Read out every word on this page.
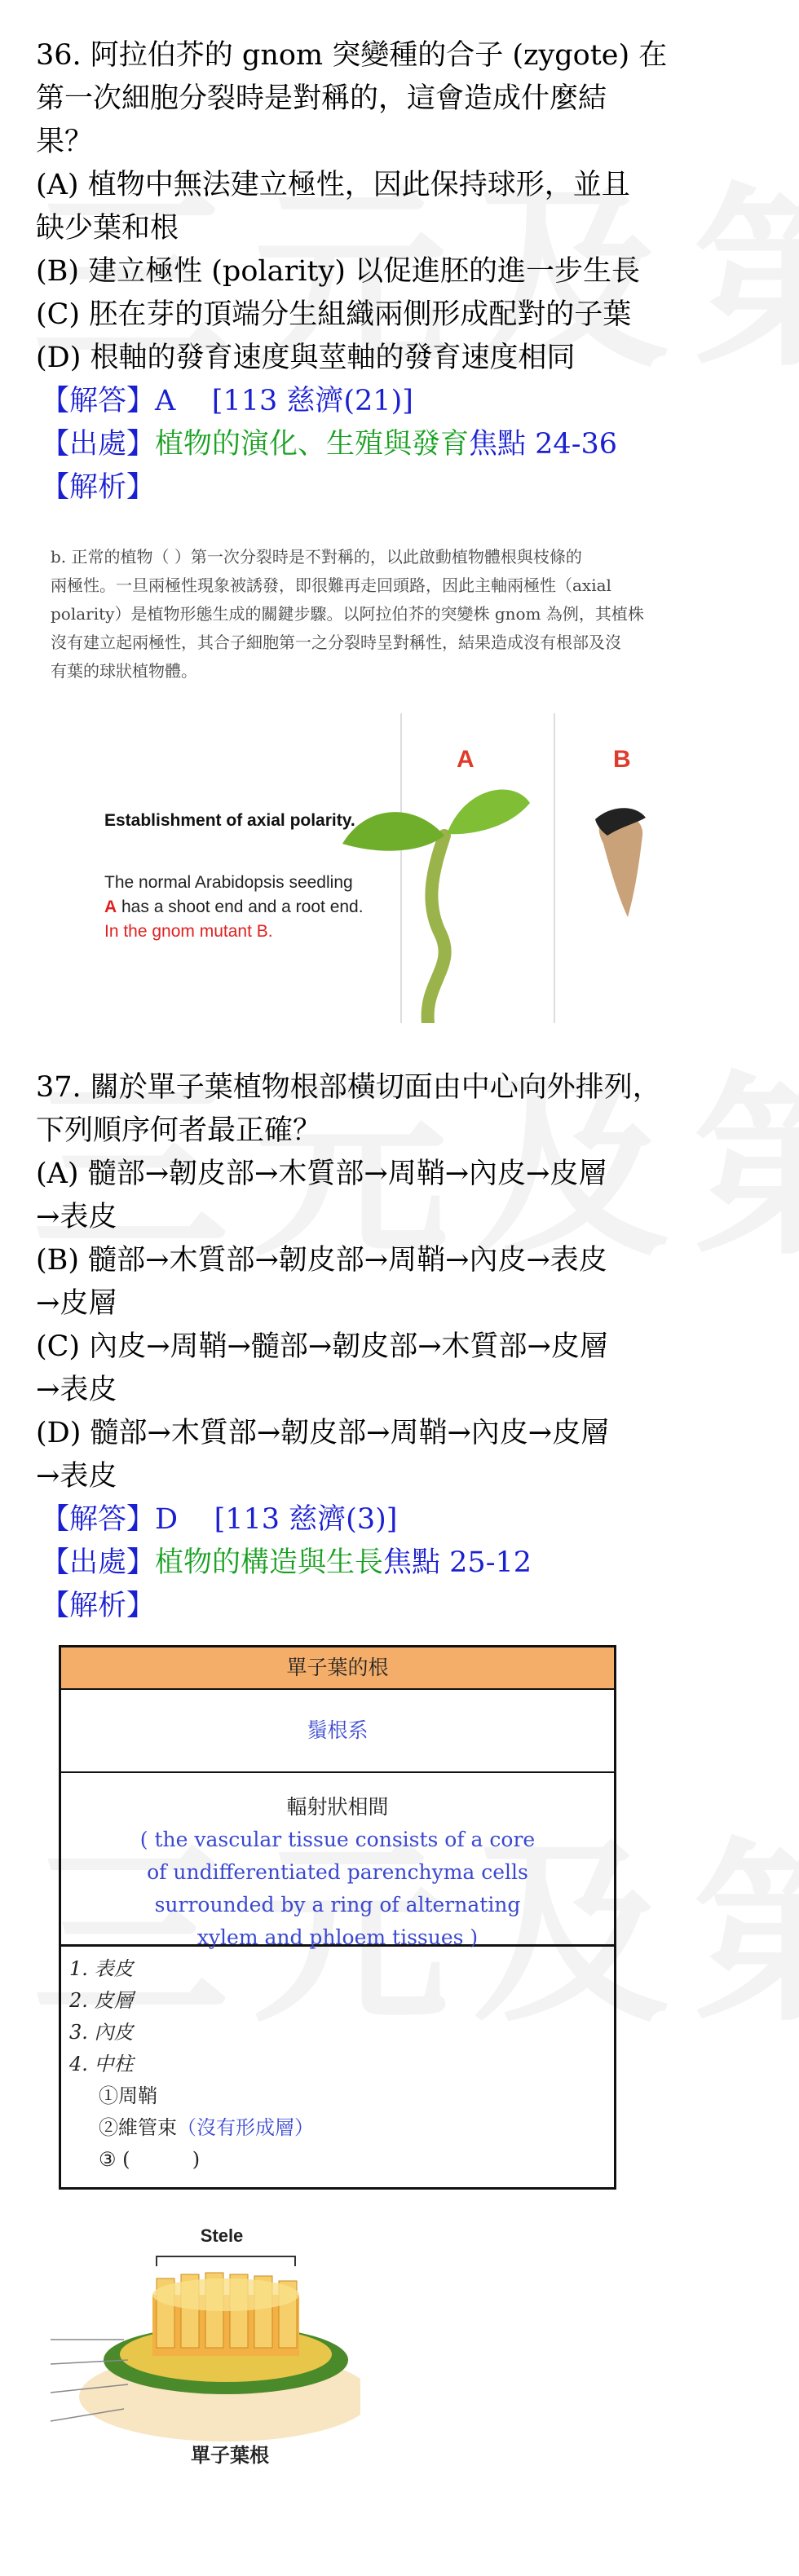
36. 阿拉伯芥的 gnom 突變種的合子 (zygote) 在

第一次細胞分裂時是對稱的，這會造成什麼結

果？

(A) 植物中無法建立極性，因此保持球形，並且

缺少葉和根

(B) 建立極性 (polarity) 以促進胚的進一步生長

(C) 胚在芽的頂端分生組織兩側形成配對的子葉

(D) 根軸的發育速度與莖軸的發育速度相同

【解答】A    [113 慈濟(21)]

【出處】植物的演化、生殖與發育焦點 24-36

【解析】

b. 正常的植物（ ）第一次分裂時是不對稱的，以此啟動植物體根與枝條的
兩極性。一旦兩極性現象被誘發，即很難再走回頭路，因此主軸兩極性（axial
polarity）是植物形態生成的關鍵步驟。以阿拉伯芥的突變株 gnom 為例，其植株
沒有建立起兩極性，其合子細胞第一之分裂時呈對稱性，結果造成沒有根部及沒
有葉的球狀植物體。
A	B
Establishment of axial polarity.
The normal Arabidopsis seedling
A has a shoot end and a root end.
In the gnom mutant B.

37. 關於單子葉植物根部橫切面由中心向外排列，

下列順序何者最正確？

(A) 髓部→韌皮部→木質部→周鞘→內皮→皮層

→表皮

(B) 髓部→木質部→韌皮部→周鞘→內皮→表皮

→皮層

(C) 內皮→周鞘→髓部→韌皮部→木質部→皮層

→表皮

(D) 髓部→木質部→韌皮部→周鞘→內皮→皮層

→表皮

【解答】D    [113 慈濟(3)]

【出處】植物的構造與生長焦點 25-12

【解析】

單子葉的根
鬚根系
輻射狀相間
( the vascular tissue consists of a core
of undifferentiated parenchyma cells
surrounded by a ring of alternating
xylem and phloem tissues )
1. 表皮
2. 皮層
3. 內皮
4. 中柱
①周鞘
②維管束（沒有形成層）
③ (          )
Stele
單子葉根
